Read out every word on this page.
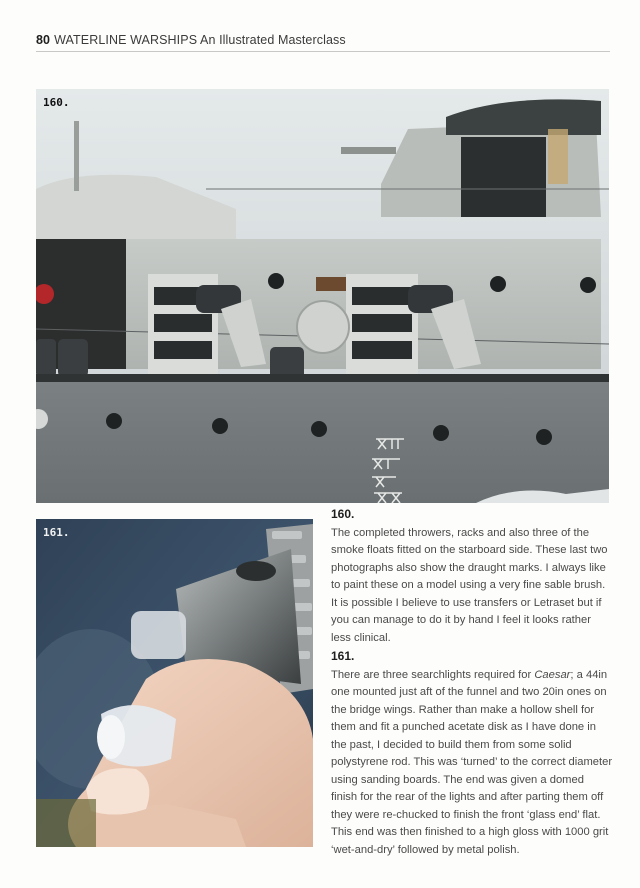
80 WATERLINE WARSHIPS An Illustrated Masterclass
160.
161.
160.

The completed throwers, racks and also three of the smoke floats fitted on the starboard side. These last two photographs also show the draught marks. I always like to paint these on a model using a very fine sable brush. It is possible I believe to use transfers or Letraset but if you can manage to do it by hand I feel it looks rather less clinical.

161.

There are three searchlights required for Caesar; a 44in one mounted just aft of the funnel and two 20in ones on the bridge wings. Rather than make a hollow shell for them and fit a punched acetate disk as I have done in the past, I decided to build them from some solid polystyrene rod. This was ‘turned’ to the correct diameter using sanding boards. The end was given a domed finish for the rear of the lights and after parting them off they were re-chucked to finish the front ‘glass end’ flat. This end was then finished to a high gloss with 1000 grit ‘wet-and-dry’ followed by metal polish.
